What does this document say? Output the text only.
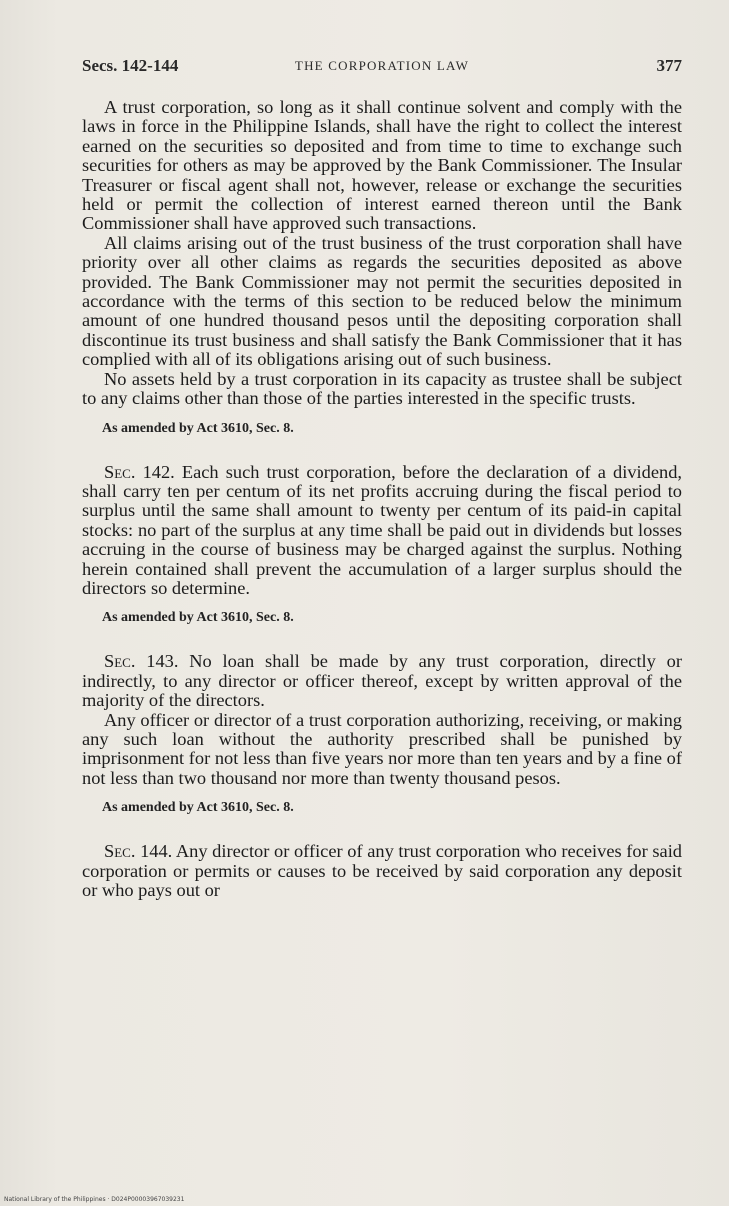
Secs. 142-144	THE CORPORATION LAW	377

A trust corporation, so long as it shall continue solvent and comply with the laws in force in the Philippine Islands, shall have the right to collect the interest earned on the securities so deposited and from time to time to exchange such securities for others as may be approved by the Bank Commissioner. The Insular Treasurer or fiscal agent shall not, however, release or exchange the securities held or permit the collection of interest earned thereon until the Bank Commissioner shall have approved such transactions.

All claims arising out of the trust business of the trust corporation shall have priority over all other claims as regards the securities deposited as above provided. The Bank Commissioner may not permit the securities deposited in accordance with the terms of this section to be reduced below the minimum amount of one hundred thousand pesos until the depositing corporation shall discontinue its trust business and shall satisfy the Bank Commissioner that it has complied with all of its obligations arising out of such business.

No assets held by a trust corporation in its capacity as trustee shall be subject to any claims other than those of the parties interested in the specific trusts.

As amended by Act 3610, Sec. 8.

Sec. 142. Each such trust corporation, before the declaration of a dividend, shall carry ten per centum of its net profits accruing during the fiscal period to surplus until the same shall amount to twenty per centum of its paid-in capital stocks: no part of the surplus at any time shall be paid out in dividends but losses accruing in the course of business may be charged against the surplus. Nothing herein contained shall prevent the accumulation of a larger surplus should the directors so determine.

As amended by Act 3610, Sec. 8.

Sec. 143. No loan shall be made by any trust corporation, directly or indirectly, to any director or officer thereof, except by written approval of the majority of the directors.

Any officer or director of a trust corporation authorizing, receiving, or making any such loan without the authority prescribed shall be punished by imprisonment for not less than five years nor more than ten years and by a fine of not less than two thousand nor more than twenty thousand pesos.

As amended by Act 3610, Sec. 8.

Sec. 144. Any director or officer of any trust corporation who receives for said corporation or permits or causes to be received by said corporation any deposit or who pays out or

National Library of the Philippines · D024P00003967039231
